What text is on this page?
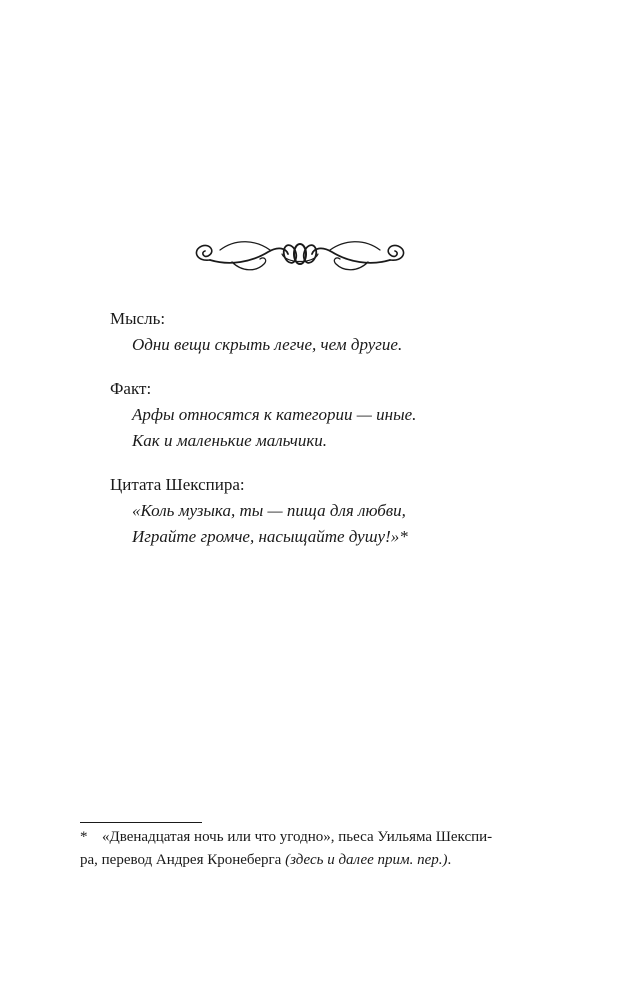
Мысль:
Одни вещи скрыть легче, чем другие.
Факт:
Арфы относятся к категории — иные.
Как и маленькие мальчики.
Цитата Шекспира:
«Коль музыка, ты — пища для любви,
Играйте громче, насыщайте душу!»*
* «Двенадцатая ночь или что угодно», пьеса Уильяма Шекспи-
ра, перевод Андрея Кронеберга (здесь и далее прим. пер.).
